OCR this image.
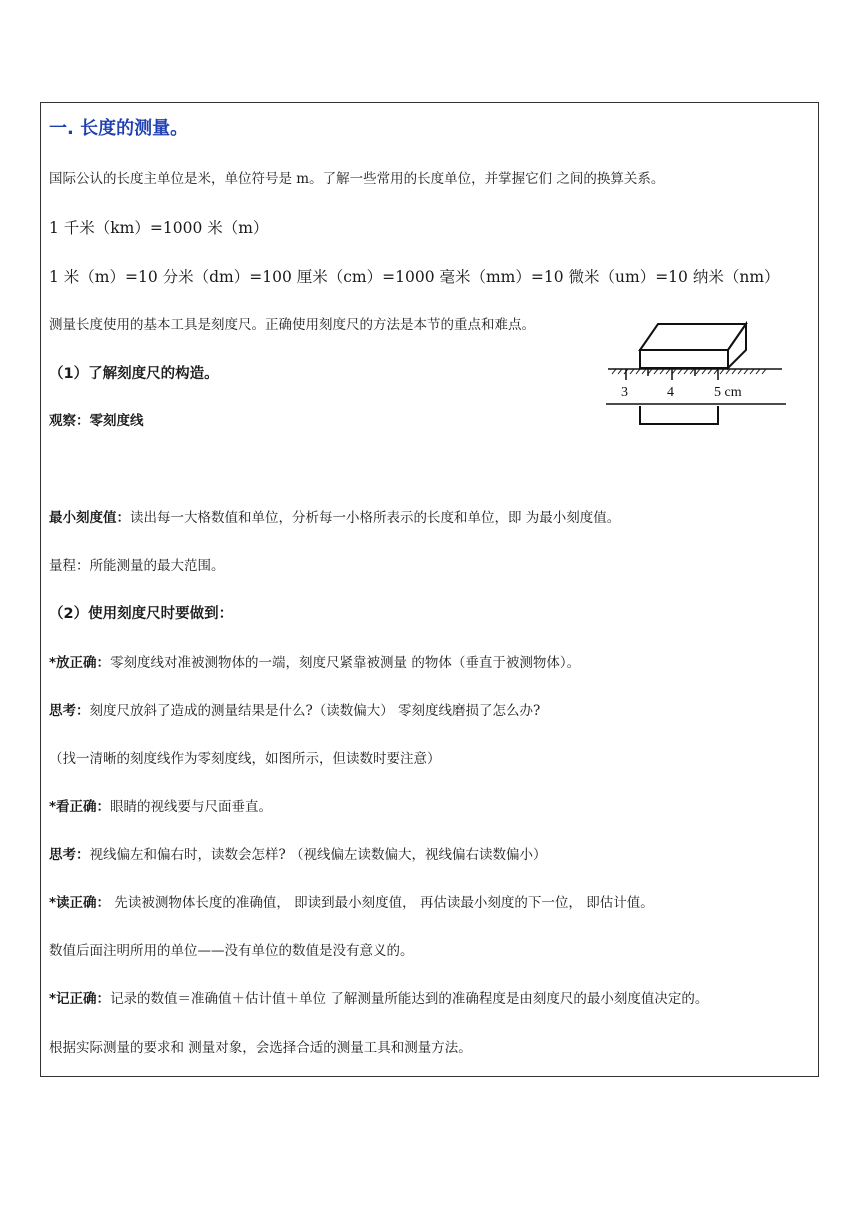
一. 长度的测量。
国际公认的长度主单位是米，单位符号是 m。了解一些常用的长度单位，并掌握它们 之间的换算关系。
1 千米（km）=1000 米（m）
1 米（m）=10 分米（dm）=100 厘米（cm）=1000 毫米（mm）=10 微米（um）=10 纳米（nm）
测量长度使用的基本工具是刻度尺。正确使用刻度尺的方法是本节的重点和难点。
（1）了解刻度尺的构造。
观察：零刻度线
最小刻度值：读出每一大格数值和单位，分析每一小格所表示的长度和单位，即 为最小刻度值。
量程：所能测量的最大范围。
（2）使用刻度尺时要做到：
*放正确：零刻度线对准被测物体的一端，刻度尺紧靠被测量 的物体（垂直于被测物体）。
思考：刻度尺放斜了造成的测量结果是什么?（读数偏大） 零刻度线磨损了怎么办?
（找一清晰的刻度线作为零刻度线，如图所示，但读数时要注意）
*看正确：眼睛的视线要与尺面垂直。
思考：视线偏左和偏右时，读数会怎样? （视线偏左读数偏大，视线偏右读数偏小）
*读正确： 先读被测物体长度的准确值， 即读到最小刻度值， 再估读最小刻度的下一位， 即估计值。
数值后面注明所用的单位——没有单位的数值是没有意义的。
*记正确：记录的数值＝准确值＋估计值＋单位 了解测量所能达到的准确程度是由刻度尺的最小刻度值决定的。
根据实际测量的要求和 测量对象，会选择合适的测量工具和测量方法。
3	4	5 cm
